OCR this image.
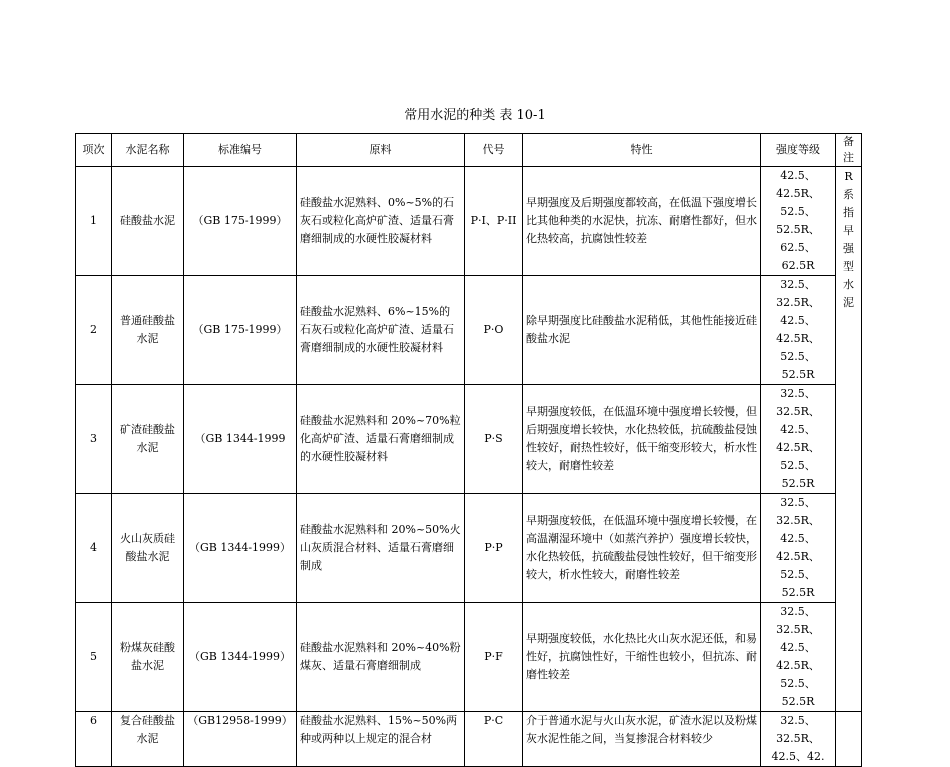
常用水泥的种类 表 10-1
项次	水泥名称	标准编号	原料	代号	特性	强度等级	备注
1	硅酸盐水泥	（GB 175-1999）	硅酸盐水泥熟料、0%~5%的石灰石或粒化高炉矿渣、适量石膏磨细制成的水硬性胶凝材料	P·I、P·II	早期强度及后期强度都较高，在低温下强度增长比其他种类的水泥快，抗冻、耐磨性都好，但水化热较高，抗腐蚀性较差	42.5、42.5R、52.5、52.5R、62.5、62.5R	R 系指早强型水泥
2	普通硅酸盐水泥	（GB 175-1999）	硅酸盐水泥熟料、6%~15%的石灰石或粒化高炉矿渣、适量石膏磨细制成的水硬性胶凝材料	P·O	除早期强度比硅酸盐水泥稍低，其他性能接近硅酸盐水泥	32.5、32.5R、42.5、42.5R、52.5、52.5R	
3	矿渣硅酸盐水泥	（GB 1344-1999	硅酸盐水泥熟料和 20%~70%粒化高炉矿渣、适量石膏磨细制成的水硬性胶凝材料	P·S	早期强度较低，在低温环境中强度增长较慢，但后期强度增长较快，水化热较低，抗硫酸盐侵蚀性较好，耐热性较好，低干缩变形较大，析水性较大，耐磨性较差	32.5、32.5R、42.5、42.5R、52.5、52.5R	
4	火山灰质硅酸盐水泥	（GB 1344-1999）	硅酸盐水泥熟料和 20%~50%火山灰质混合材料、适量石膏磨细制成	P·P	早期强度较低，在低温环境中强度增长较慢，在高温潮湿环境中（如蒸汽养护）强度增长较快，水化热较低，抗硫酸盐侵蚀性较好，但干缩变形较大，析水性较大，耐磨性较差	32.5、32.5R、42.5、42.5R、52.5、52.5R	
5	粉煤灰硅酸盐水泥	（GB 1344-1999）	硅酸盐水泥熟料和 20%~40%粉煤灰、适量石膏磨细制成	P·F	早期强度较低，水化热比火山灰水泥还低，和易性好，抗腐蚀性好，干缩性也较小，但抗冻、耐磨性较差	32.5、32.5R、42.5、42.5R、52.5、52.5R	
6	复合硅酸盐水泥	（GB12958-1999）	硅酸盐水泥熟料、15%~50%两种或两种以上规定的混合材	P·C	介于普通水泥与火山灰水泥，矿渣水泥以及粉煤灰水泥性能之间，当复掺混合材料较少	32.5、32.5R、42.5、42.	
